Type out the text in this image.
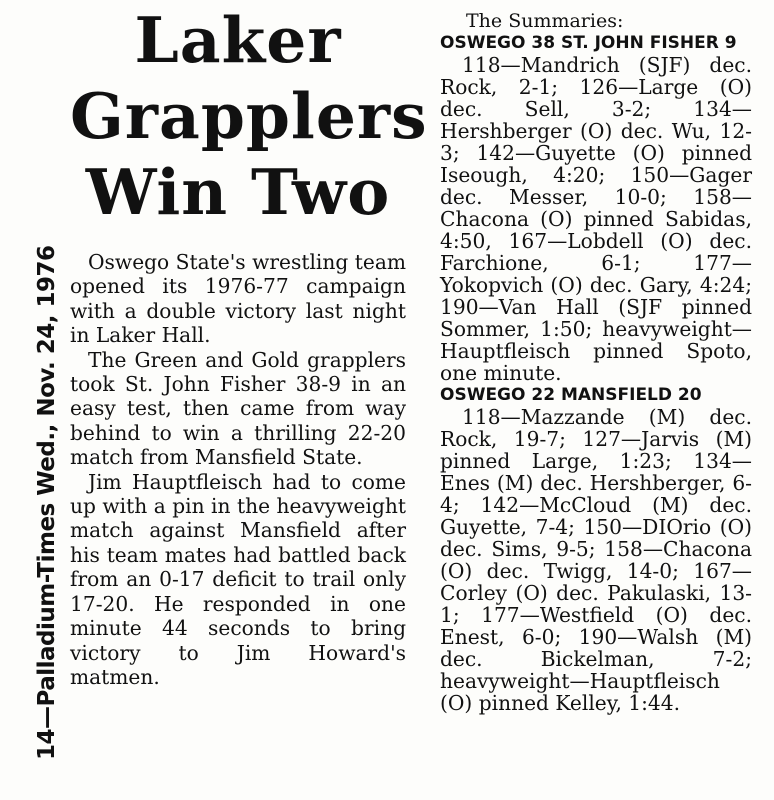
14—Palladium-Times Wed., Nov. 24, 1976
Laker
Grapplers
Win Two

Oswego State's wrestling team opened its 1976-77 campaign with a double victory last night in Laker Hall.

The Green and Gold grapplers took St. John Fisher 38-9 in an easy test, then came from way behind to win a thrilling 22-20 match from Mansfield State.

Jim Hauptfleisch had to come up with a pin in the heavyweight match against Mansfield after his team mates had battled back from an 0-17 deficit to trail only 17-20. He responded in one minute 44 seconds to bring victory to Jim Howard's matmen.

The Summaries:

OSWEGO 38 ST. JOHN FISHER 9

118—Mandrich (SJF) dec. Rock, 2-1; 126—Large (O) dec. Sell, 3-2; 134—Hershberger (O) dec. Wu, 12-3; 142—Guyette (O) pinned Iseough, 4:20; 150—Gager dec. Messer, 10-0; 158—Chacona (O) pinned Sabidas, 4:50, 167—Lobdell (O) dec. Farchione, 6-1; 177—Yokopvich (O) dec. Gary, 4:24; 190—Van Hall (SJF pinned Sommer, 1:50; heavyweight—Hauptfleisch pinned Spoto, one minute.

OSWEGO 22 MANSFIELD 20

118—Mazzande (M) dec. Rock, 19-7; 127—Jarvis (M) pinned Large, 1:23; 134—Enes (M) dec. Hershberger, 6-4; 142—McCloud (M) dec. Guyette, 7-4; 150—DIOrio (O) dec. Sims, 9-5; 158—Chacona (O) dec. Twigg, 14-0; 167—Corley (O) dec. Pakulaski, 13-1; 177—Westfield (O) dec. Enest, 6-0; 190—Walsh (M) dec. Bickelman, 7-2; heavyweight—Hauptfleisch (O) pinned Kelley, 1:44.
